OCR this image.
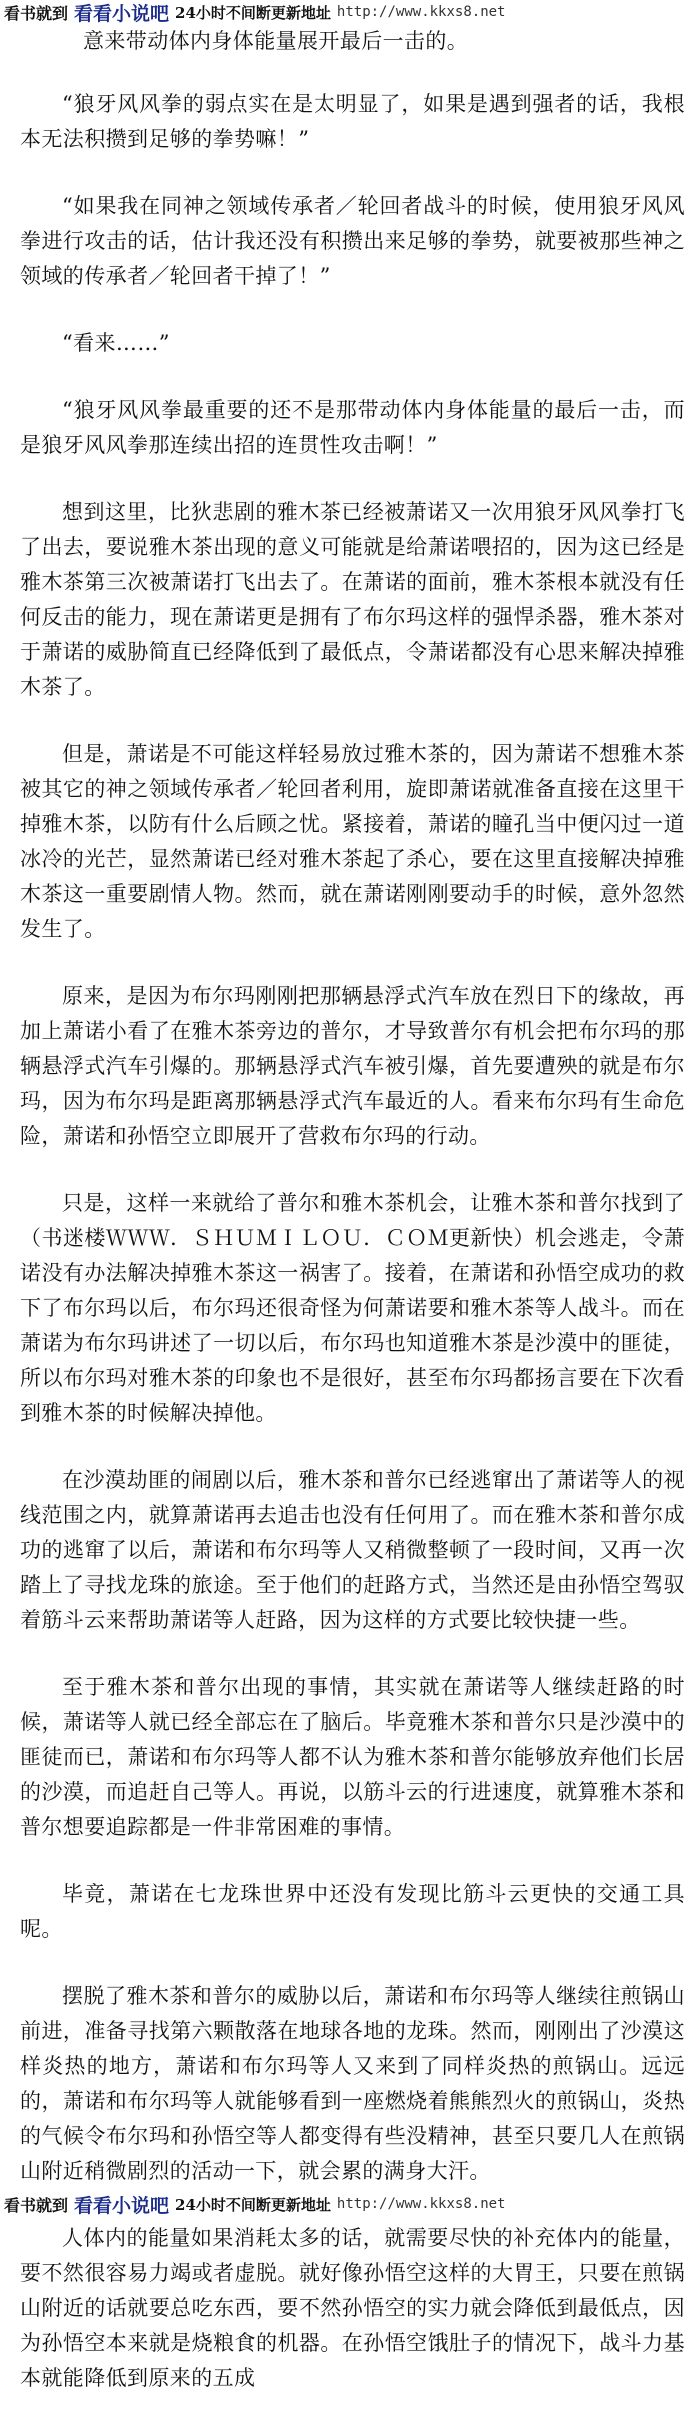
看书就到 看看小说吧 24小时不间断更新地址 http://www.kkxs8.net

意来带动体内身体能量展开最后一击的。

“狼牙风风拳的弱点实在是太明显了，如果是遇到强者的话，我根本无法积攒到足够的拳势嘛！”

“如果我在同神之领域传承者／轮回者战斗的时候，使用狼牙风风拳进行攻击的话，估计我还没有积攒出来足够的拳势，就要被那些神之领域的传承者／轮回者干掉了！”

“看来……”

“狼牙风风拳最重要的还不是那带动体内身体能量的最后一击，而是狼牙风风拳那连续出招的连贯性攻击啊！”

想到这里，比狄悲剧的雅木茶已经被萧诺又一次用狼牙风风拳打飞了出去，要说雅木茶出现的意义可能就是给萧诺喂招的，因为这已经是雅木茶第三次被萧诺打飞出去了。在萧诺的面前，雅木茶根本就没有任何反击的能力，现在萧诺更是拥有了布尔玛这样的强悍杀器，雅木茶对于萧诺的威胁简直已经降低到了最低点，令萧诺都没有心思来解决掉雅木茶了。

但是，萧诺是不可能这样轻易放过雅木茶的，因为萧诺不想雅木茶被其它的神之领域传承者／轮回者利用，旋即萧诺就准备直接在这里干掉雅木茶，以防有什么后顾之忧。紧接着，萧诺的瞳孔当中便闪过一道冰冷的光芒，显然萧诺已经对雅木茶起了杀心，要在这里直接解决掉雅木茶这一重要剧情人物。然而，就在萧诺刚刚要动手的时候，意外忽然发生了。

原来，是因为布尔玛刚刚把那辆悬浮式汽车放在烈日下的缘故，再加上萧诺小看了在雅木茶旁边的普尔，才导致普尔有机会把布尔玛的那辆悬浮式汽车引爆的。那辆悬浮式汽车被引爆，首先要遭殃的就是布尔玛，因为布尔玛是距离那辆悬浮式汽车最近的人。看来布尔玛有生命危险，萧诺和孙悟空立即展开了营救布尔玛的行动。

只是，这样一来就给了普尔和雅木茶机会，让雅木茶和普尔找到了（书迷楼ＷＷＷ．ＳＨＵＭＩＬＯＵ．ＣＯＭ更新快）机会逃走，令萧诺没有办法解决掉雅木茶这一祸害了。接着，在萧诺和孙悟空成功的救下了布尔玛以后，布尔玛还很奇怪为何萧诺要和雅木茶等人战斗。而在萧诺为布尔玛讲述了一切以后，布尔玛也知道雅木茶是沙漠中的匪徒，所以布尔玛对雅木茶的印象也不是很好，甚至布尔玛都扬言要在下次看到雅木茶的时候解决掉他。

在沙漠劫匪的闹剧以后，雅木茶和普尔已经逃窜出了萧诺等人的视线范围之内，就算萧诺再去追击也没有任何用了。而在雅木茶和普尔成功的逃窜了以后，萧诺和布尔玛等人又稍微整顿了一段时间，又再一次踏上了寻找龙珠的旅途。至于他们的赶路方式，当然还是由孙悟空驾驭着筋斗云来帮助萧诺等人赶路，因为这样的方式要比较快捷一些。

至于雅木茶和普尔出现的事情，其实就在萧诺等人继续赶路的时候，萧诺等人就已经全部忘在了脑后。毕竟雅木茶和普尔只是沙漠中的匪徒而已，萧诺和布尔玛等人都不认为雅木茶和普尔能够放弃他们长居的沙漠，而追赶自己等人。再说，以筋斗云的行进速度，就算雅木茶和普尔想要追踪都是一件非常困难的事情。

毕竟，萧诺在七龙珠世界中还没有发现比筋斗云更快的交通工具呢。

摆脱了雅木茶和普尔的威胁以后，萧诺和布尔玛等人继续往煎锅山前进，准备寻找第六颗散落在地球各地的龙珠。然而，刚刚出了沙漠这样炎热的地方，萧诺和布尔玛等人又来到了同样炎热的煎锅山。远远的，萧诺和布尔玛等人就能够看到一座燃烧着熊熊烈火的煎锅山，炎热的气候令布尔玛和孙悟空等人都变得有些没精神，甚至只要几人在煎锅山附近稍微剧烈的活动一下，就会累的满身大汗。

人体内的能量如果消耗太多的话，就需要尽快的补充体内的能量，要不然很容易力竭或者虚脱。就好像孙悟空这样的大胃王，只要在煎锅山附近的话就要总吃东西，要不然孙悟空的实力就会降低到最低点，因为孙悟空本来就是烧粮食的机器。在孙悟空饿肚子的情况下，战斗力基本就能降低到原来的五成

看书就到 看看小说吧 24小时不间断更新地址 http://www.kkxs8.net
